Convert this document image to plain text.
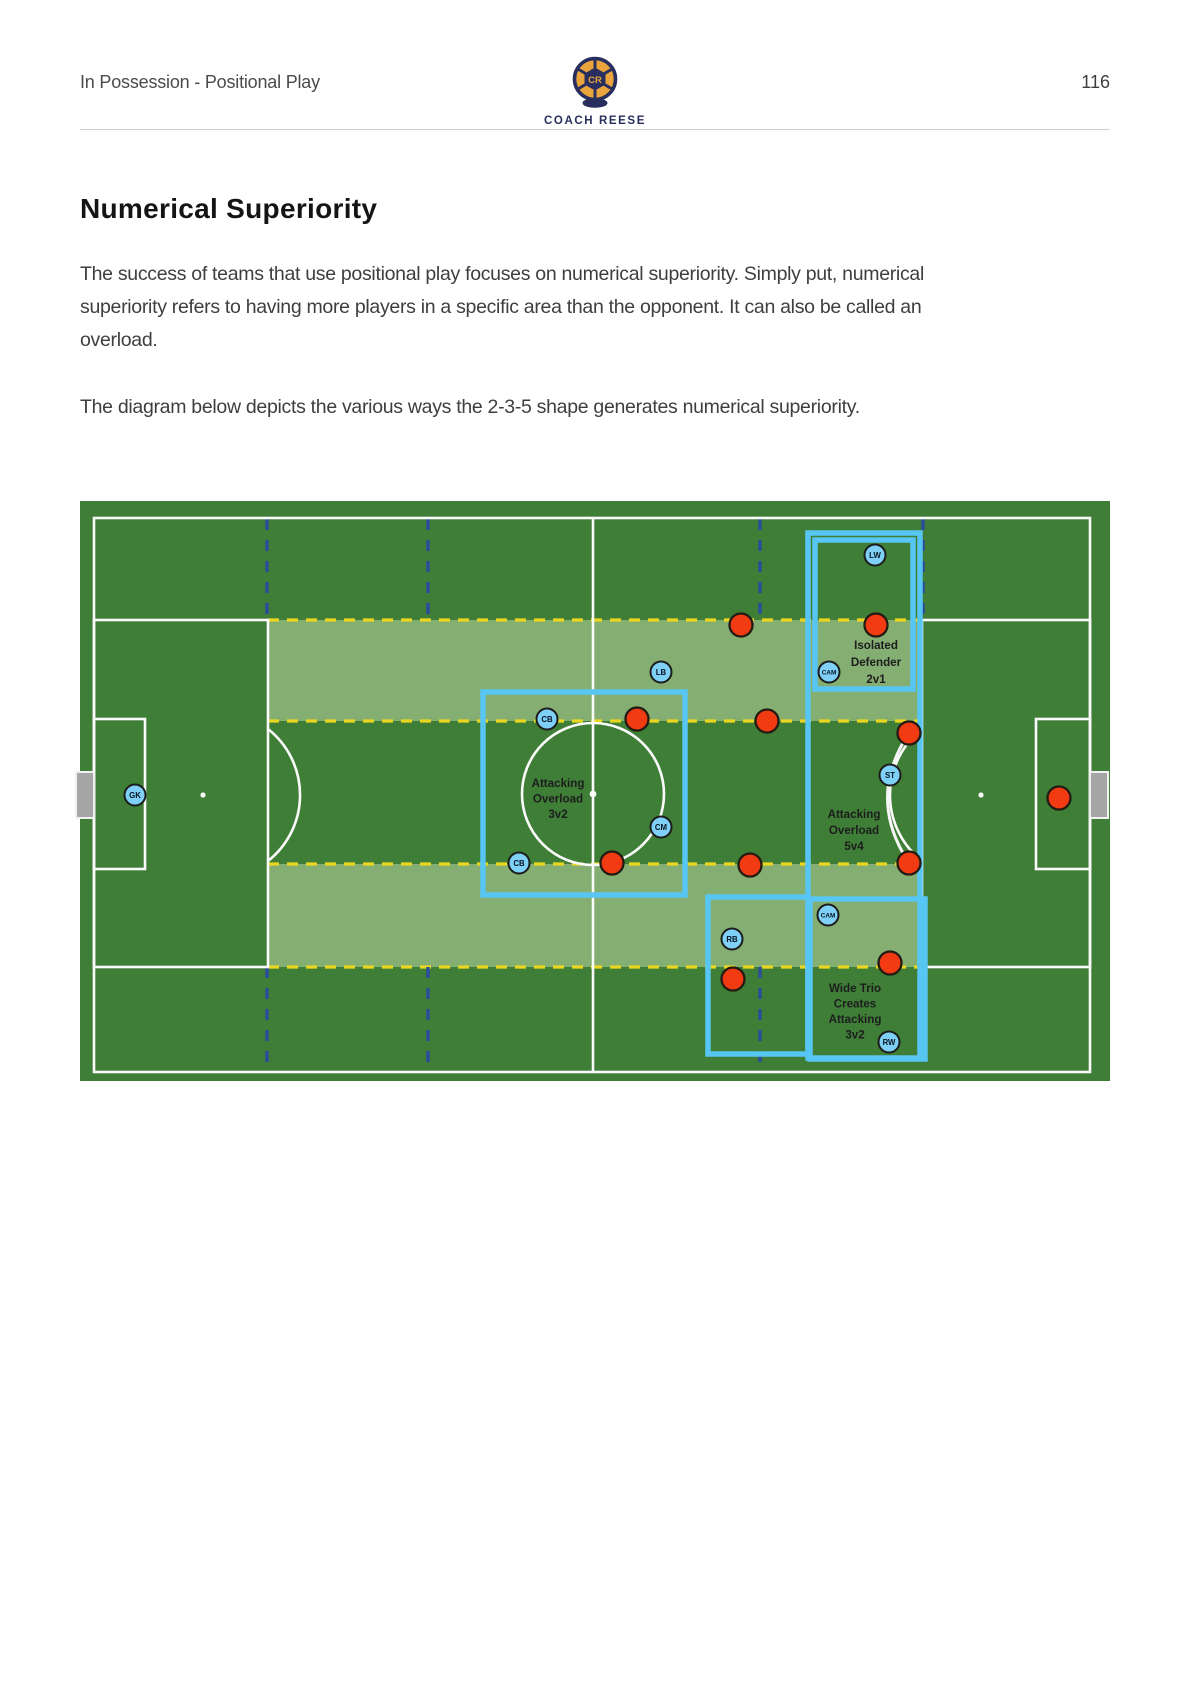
In Possession - Positional Play	CR
COACH REESE
116
Numerical Superiority

The success of teams that use positional play focuses on numerical superiority. Simply put, numerical superiority refers to having more players in a specific area than the opponent. It can also be called an overload.

The diagram below depicts the various ways the 2-3-5 shape generates numerical superiority.

Isolated Defender 2v1
Attacking Overload 3v2	Attacking Overload 5v4
Wide Trio Creates Attacking 3v2
GK
CB
CB
LB
CM
RB
LW
CAM
ST
CAM
RW
